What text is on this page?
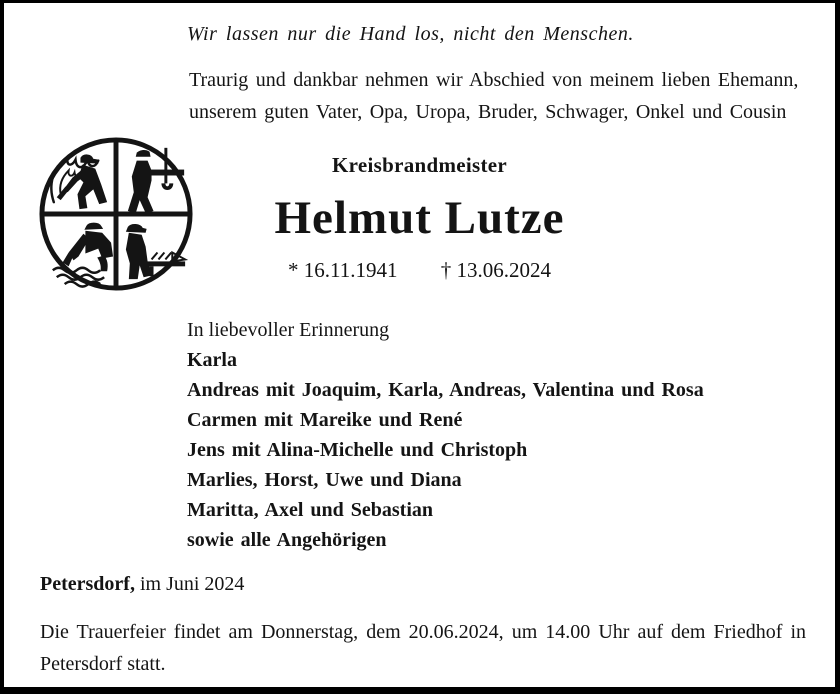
Wir lassen nur die Hand los, nicht den Menschen.
Traurig und dankbar nehmen wir Abschied von meinem lieben Ehemann,
unserem guten Vater, Opa, Uropa, Bruder, Schwager, Onkel und Cousin
Kreisbrandmeister
Helmut Lutze
* 16.11.1941 † 13.06.2024
In liebevoller Erinnerung
Karla
Andreas mit Joaquim, Karla, Andreas, Valentina und Rosa
Carmen mit Mareike und René
Jens mit Alina-Michelle und Christoph
Marlies, Horst, Uwe und Diana
Maritta, Axel und Sebastian
sowie alle Angehörigen
Petersdorf, im Juni 2024
Die Trauerfeier findet am Donnerstag, dem 20.06.2024, um 14.00 Uhr auf dem Friedhof in
Petersdorf statt.
